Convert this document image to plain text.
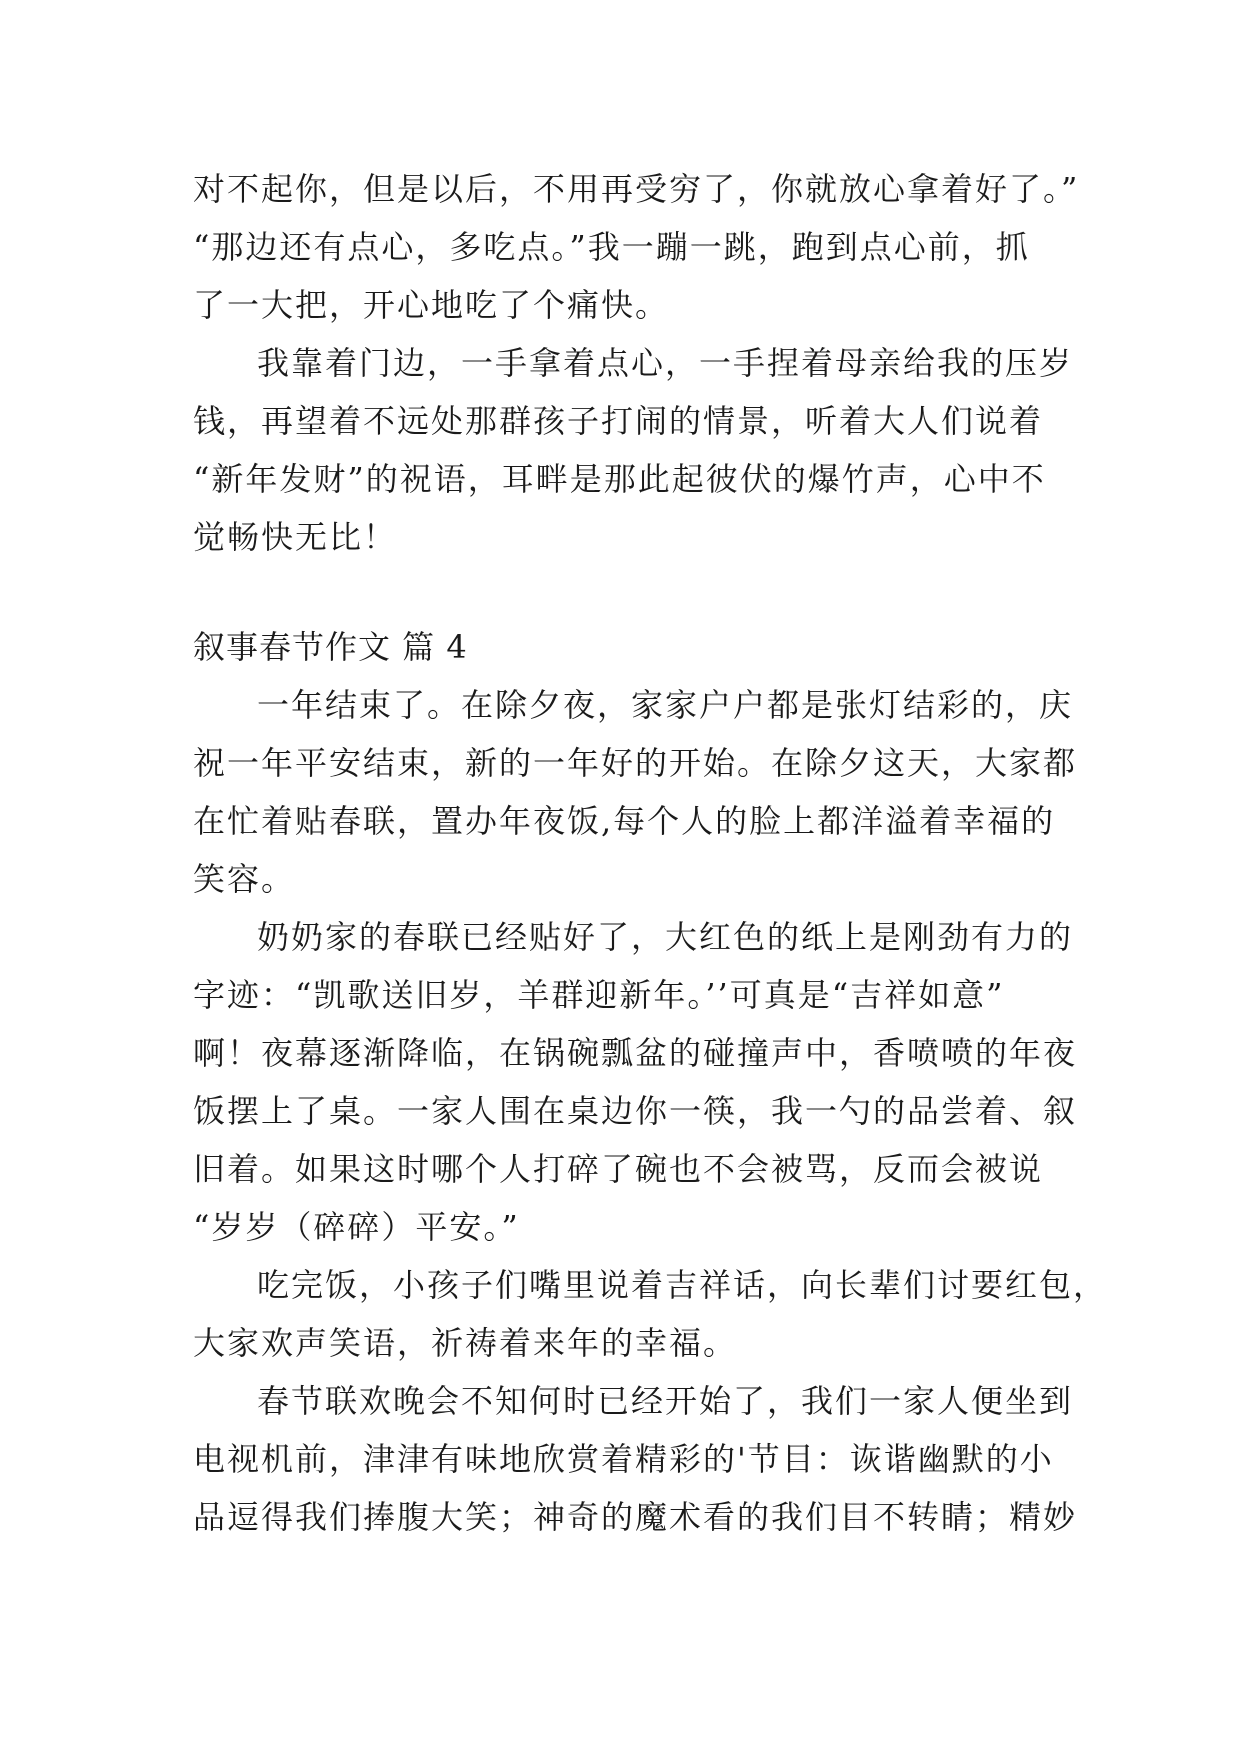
对不起你，但是以后，不用再受穷了，你就放心拿着好了。”
“那边还有点心，多吃点。”我一蹦一跳，跑到点心前，抓
了一大把，开心地吃了个痛快。
我靠着门边，一手拿着点心，一手捏着母亲给我的压岁
钱，再望着不远处那群孩子打闹的情景，听着大人们说着
“新年发财”的祝语，耳畔是那此起彼伏的爆竹声，心中不
觉畅快无比！
叙事春节作文 篇 4
一年结束了。在除夕夜，家家户户都是张灯结彩的，庆
祝一年平安结束，新的一年好的开始。在除夕这天，大家都
在忙着贴春联，置办年夜饭,每个人的脸上都洋溢着幸福的
笑容。
奶奶家的春联已经贴好了，大红色的纸上是刚劲有力的
字迹：“凯歌送旧岁，羊群迎新年。’’可真是“吉祥如意”
啊！夜幕逐渐降临，在锅碗瓢盆的碰撞声中，香喷喷的年夜
饭摆上了桌。一家人围在桌边你一筷，我一勺的品尝着、叙
旧着。如果这时哪个人打碎了碗也不会被骂，反而会被说
“岁岁（碎碎）平安。”
吃完饭，小孩子们嘴里说着吉祥话，向长辈们讨要红包，
大家欢声笑语，祈祷着来年的幸福。
春节联欢晚会不知何时已经开始了，我们一家人便坐到
电视机前，津津有味地欣赏着精彩的'节目：诙谐幽默的小
品逗得我们捧腹大笑；神奇的魔术看的我们目不转睛；精妙
